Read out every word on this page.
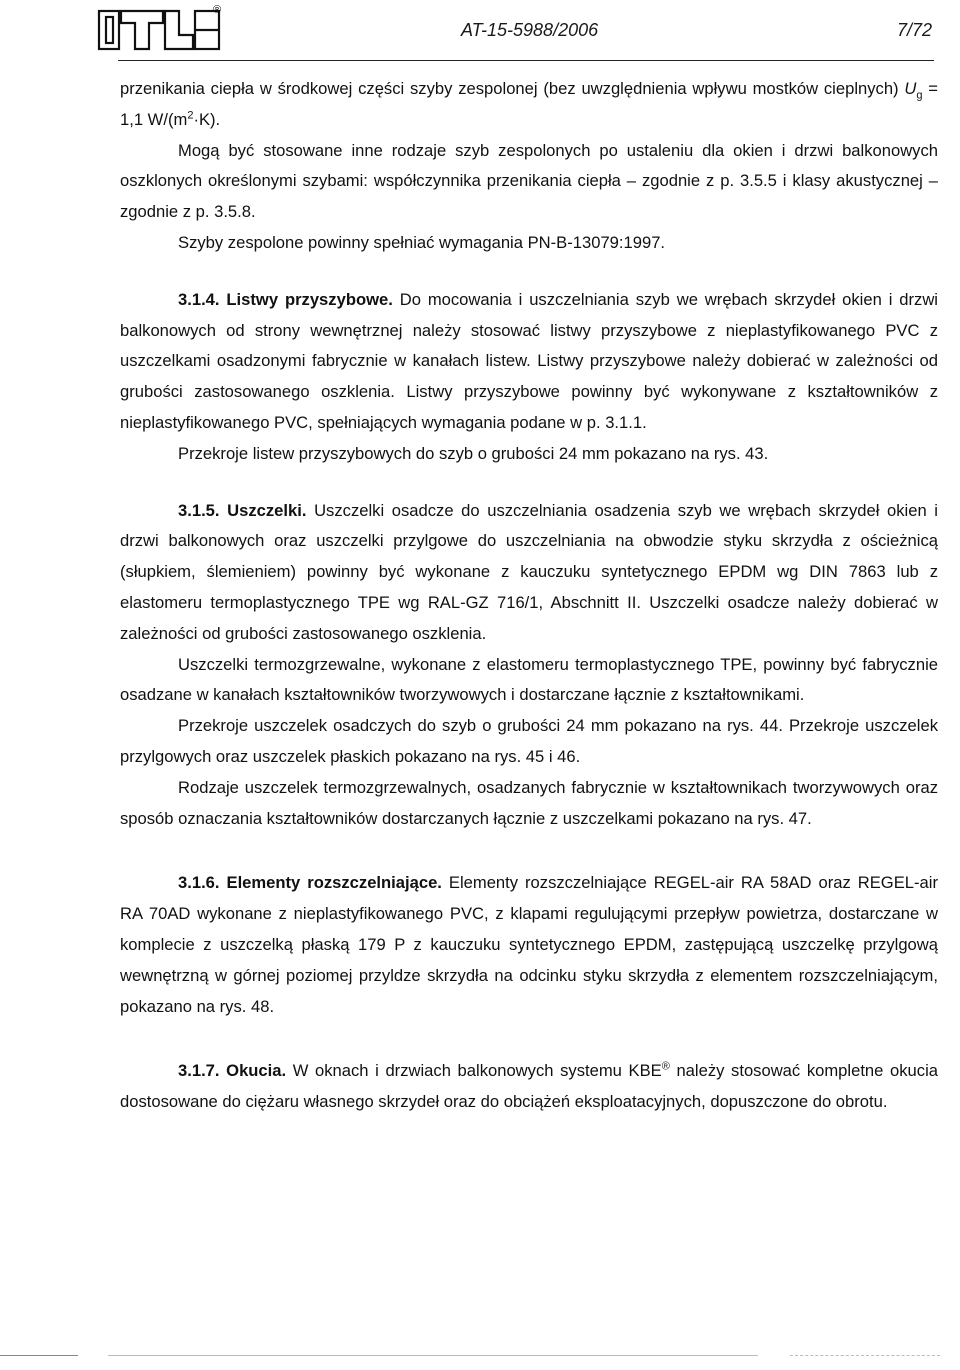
®
AT-15-5988/2006	7/72

przenikania ciepła w środkowej części szyby zespolonej (bez uwzględnienia wpływu mostków cieplnych) $U_g = 1,1$ $W/(m^2\cdot K)$.

Mogą być stosowane inne rodzaje szyb zespolonych po ustaleniu dla okien i drzwi balkonowych oszklonych określonymi szybami: współczynnika przenikania ciepła – zgodnie z p. 3.5.5 i klasy akustycznej – zgodnie z p. 3.5.8.

Szyby zespolone powinny spełniać wymagania PN-B-13079:1997.

3.1.4. Listwy przyszybowe. Do mocowania i uszczelniania szyb we wrębach skrzydeł okien i drzwi balkonowych od strony wewnętrznej należy stosować listwy przyszybowe z nieplastyfikowanego PVC z uszczelkami osadzonymi fabrycznie w kanałach listew. Listwy przyszybowe należy dobierać w zależności od grubości zastosowanego oszklenia. Listwy przyszybowe powinny być wykonywane z kształtowników z nieplastyfikowanego PVC, spełniających wymagania podane w p. 3.1.1.

Przekroje listew przyszybowych do szyb o grubości 24 mm pokazano na rys. 43.

3.1.5. Uszczelki. Uszczelki osadcze do uszczelniania osadzenia szyb we wrębach skrzydeł okien i drzwi balkonowych oraz uszczelki przylgowe do uszczelniania na obwodzie styku skrzydła z ościeżnicą (słupkiem, ślemieniem) powinny być wykonane z kauczuku syntetycznego EPDM wg DIN 7863 lub z elastomeru termoplastycznego TPE wg RAL-GZ 716/1, Abschnitt II. Uszczelki osadcze należy dobierać w zależności od grubości zastosowanego oszklenia.

Uszczelki termozgrzewalne, wykonane z elastomeru termoplastycznego TPE, powinny być fabrycznie osadzane w kanałach kształtowników tworzywowych i dostarczane łącznie z kształtownikami.

Przekroje uszczelek osadczych do szyb o grubości 24 mm pokazano na rys. 44. Przekroje uszczelek przylgowych oraz uszczelek płaskich pokazano na rys. 45 i 46.

Rodzaje uszczelek termozgrzewalnych, osadzanych fabrycznie w kształtownikach tworzywowych oraz sposób oznaczania kształtowników dostarczanych łącznie z uszczelkami pokazano na rys. 47.

3.1.6. Elementy rozszczelniające. Elementy rozszczelniające REGEL-air RA 58AD oraz REGEL-air RA 70AD wykonane z nieplastyfikowanego PVC, z klapami regulującymi przepływ powietrza, dostarczane w komplecie z uszczelką płaską 179 P z kauczuku syntetycznego EPDM, zastępującą uszczelkę przylgową wewnętrzną w górnej poziomej przyldze skrzydła na odcinku styku skrzydła z elementem rozszczelniającym, pokazano na rys. 48.

3.1.7. Okucia. W oknach i drzwiach balkonowych systemu KBE® należy stosować kompletne okucia dostosowane do ciężaru własnego skrzydeł oraz do obciążeń eksploatacyjnych, dopuszczone do obrotu.
